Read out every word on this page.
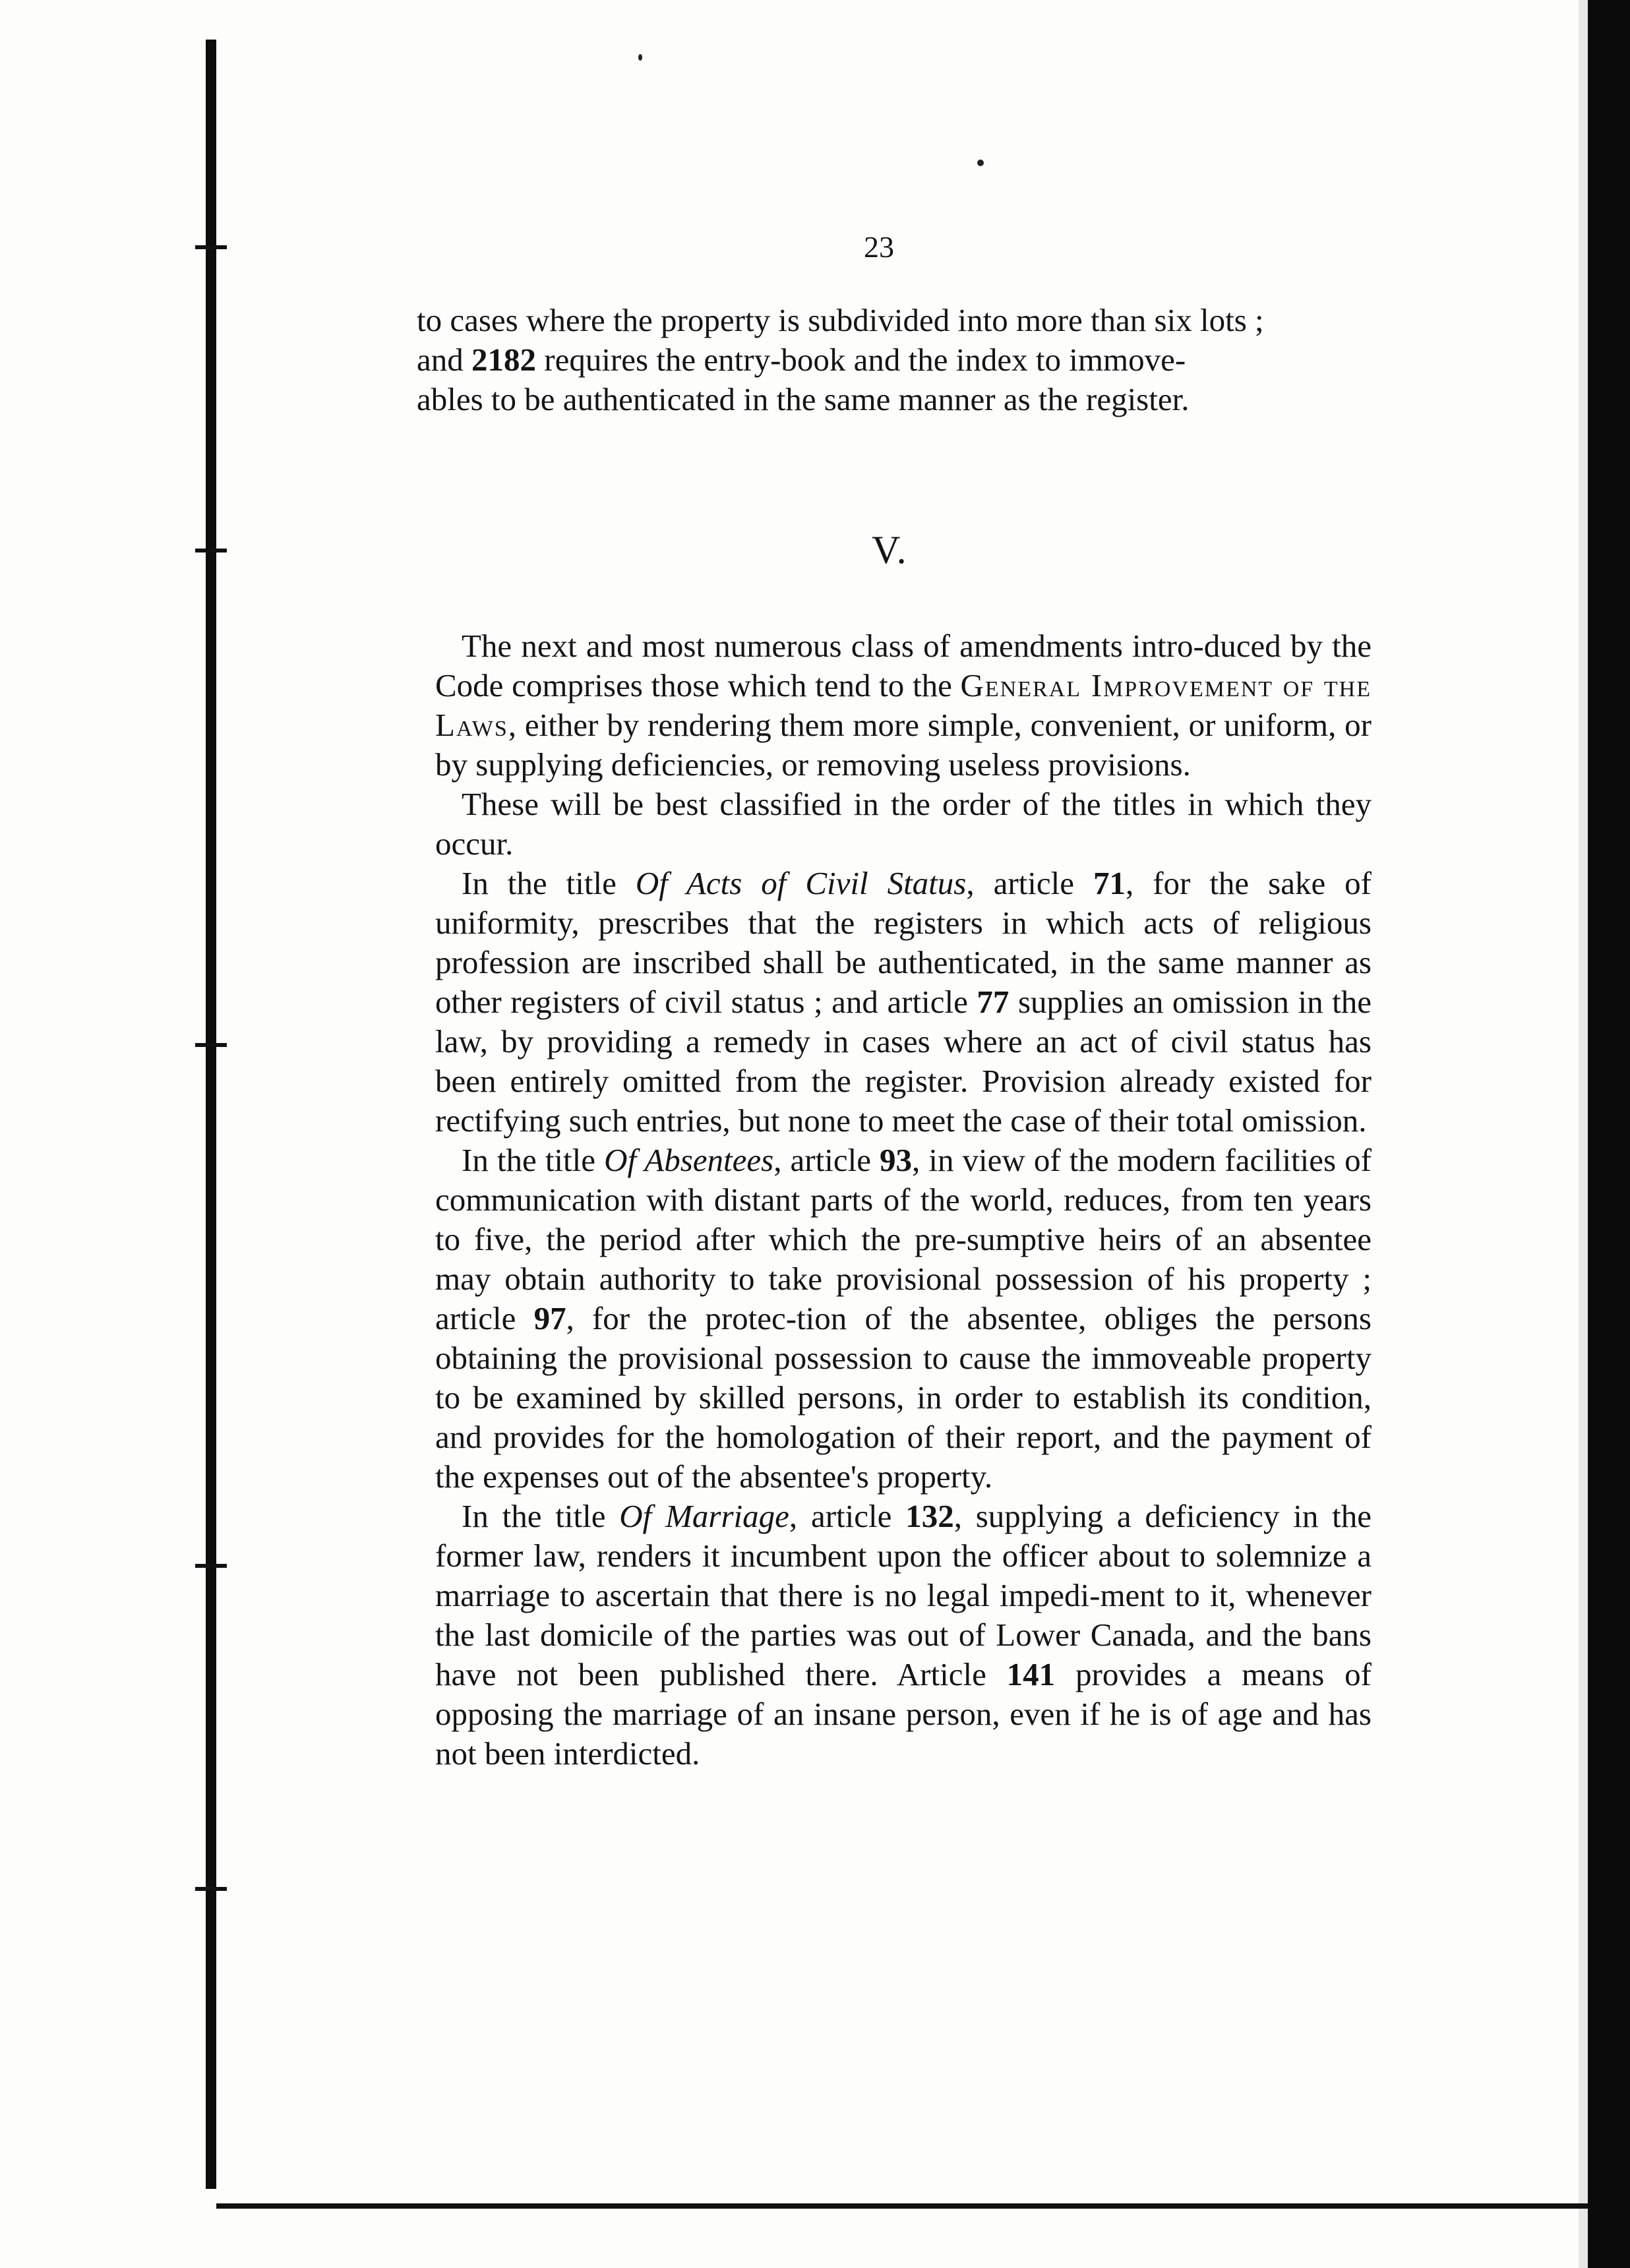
23

to cases where the property is subdivided into more than six lots ;

and 2182 requires the entry-book and the index to immove-

ables to be authenticated in the same manner as the register.

V.

The next and most numerous class of amendments intro-duced by the Code comprises those which tend to the General Improvement of the Laws, either by rendering them more simple, convenient, or uniform, or by supplying deficiencies, or removing useless provisions.

These will be best classified in the order of the titles in which they occur.

In the title Of Acts of Civil Status, article 71, for the sake of uniformity, prescribes that the registers in which acts of religious profession are inscribed shall be authenticated, in the same manner as other registers of civil status ; and article 77 supplies an omission in the law, by providing a remedy in cases where an act of civil status has been entirely omitted from the register. Provision already existed for rectifying such entries, but none to meet the case of their total omission.

In the title Of Absentees, article 93, in view of the modern facilities of communication with distant parts of the world, reduces, from ten years to five, the period after which the pre-sumptive heirs of an absentee may obtain authority to take provisional possession of his property ; article 97, for the protec-tion of the absentee, obliges the persons obtaining the provisional possession to cause the immoveable property to be examined by skilled persons, in order to establish its condition, and provides for the homologation of their report, and the payment of the expenses out of the absentee's property.

In the title Of Marriage, article 132, supplying a deficiency in the former law, renders it incumbent upon the officer about to solemnize a marriage to ascertain that there is no legal impedi-ment to it, whenever the last domicile of the parties was out of Lower Canada, and the bans have not been published there. Article 141 provides a means of opposing the marriage of an insane person, even if he is of age and has not been interdicted.
